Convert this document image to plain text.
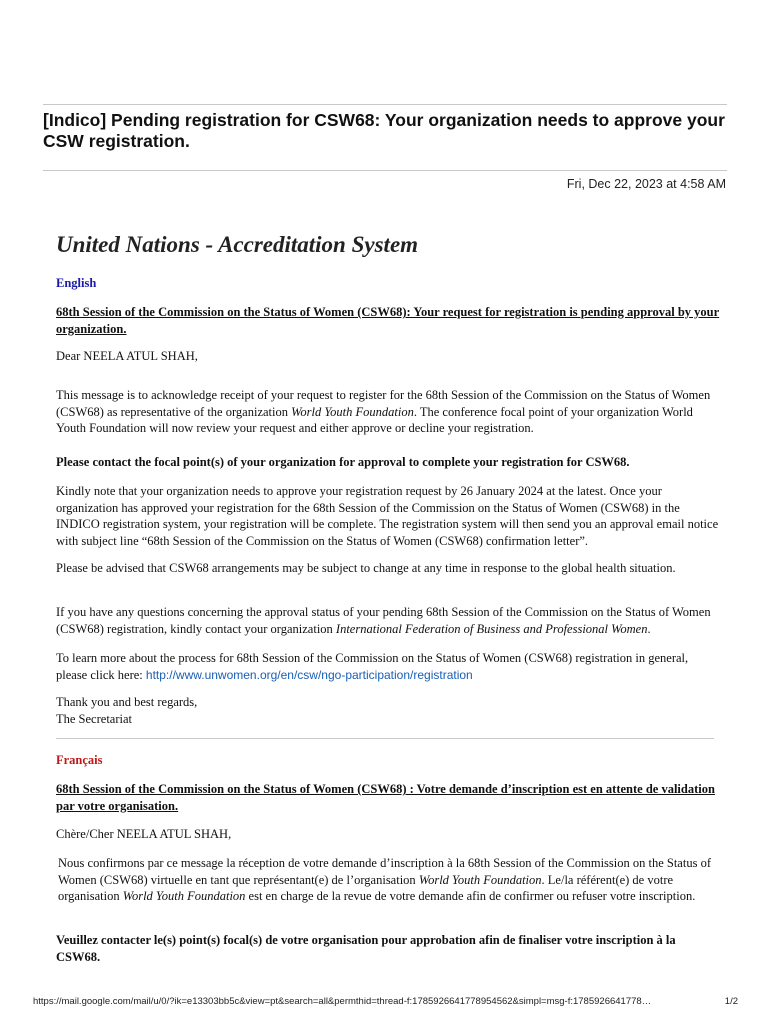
[Indico] Pending registration for CSW68: Your organization needs to approve your CSW registration.
Fri, Dec 22, 2023 at 4:58 AM
United Nations - Accreditation System
English
68th Session of the Commission on the Status of Women (CSW68): Your request for registration is pending approval by your organization.
Dear NEELA ATUL SHAH,
This message is to acknowledge receipt of your request to register for the 68th Session of the Commission on the Status of Women (CSW68) as representative of the organization World Youth Foundation. The conference focal point of your organization World Youth Foundation will now review your request and either approve or decline your registration.
Please contact the focal point(s) of your organization for approval to complete your registration for CSW68.
Kindly note that your organization needs to approve your registration request by 26 January 2024 at the latest. Once your organization has approved your registration for the 68th Session of the Commission on the Status of Women (CSW68) in the INDICO registration system, your registration will be complete. The registration system will then send you an approval email notice with subject line “68th Session of the Commission on the Status of Women (CSW68) confirmation letter”.
Please be advised that CSW68 arrangements may be subject to change at any time in response to the global health situation.
If you have any questions concerning the approval status of your pending 68th Session of the Commission on the Status of Women (CSW68) registration, kindly contact your organization International Federation of Business and Professional Women.
To learn more about the process for 68th Session of the Commission on the Status of Women (CSW68) registration in general, please click here: http://www.unwomen.org/en/csw/ngo-participation/registration
Thank you and best regards,
The Secretariat
Français
68th Session of the Commission on the Status of Women (CSW68) : Votre demande d’inscription est en attente de validation par votre organisation.
Chère/Cher NEELA ATUL SHAH,
Nous confirmons par ce message la réception de votre demande d’inscription à la 68th Session of the Commission on the Status of Women (CSW68) virtuelle en tant que représentant(e) de l’organisation World Youth Foundation. Le/la référent(e) de votre organisation World Youth Foundation est en charge de la revue de votre demande afin de confirmer ou refuser votre inscription.
Veuillez contacter le(s) point(s) focal(s) de votre organisation pour approbation afin de finaliser votre inscription à la CSW68.
https://mail.google.com/mail/u/0/?ik=e13303bb5c&view=pt&search=all&permthid=thread-f:1785926641778954562&simpl=msg-f:1785926641778…	1/2
